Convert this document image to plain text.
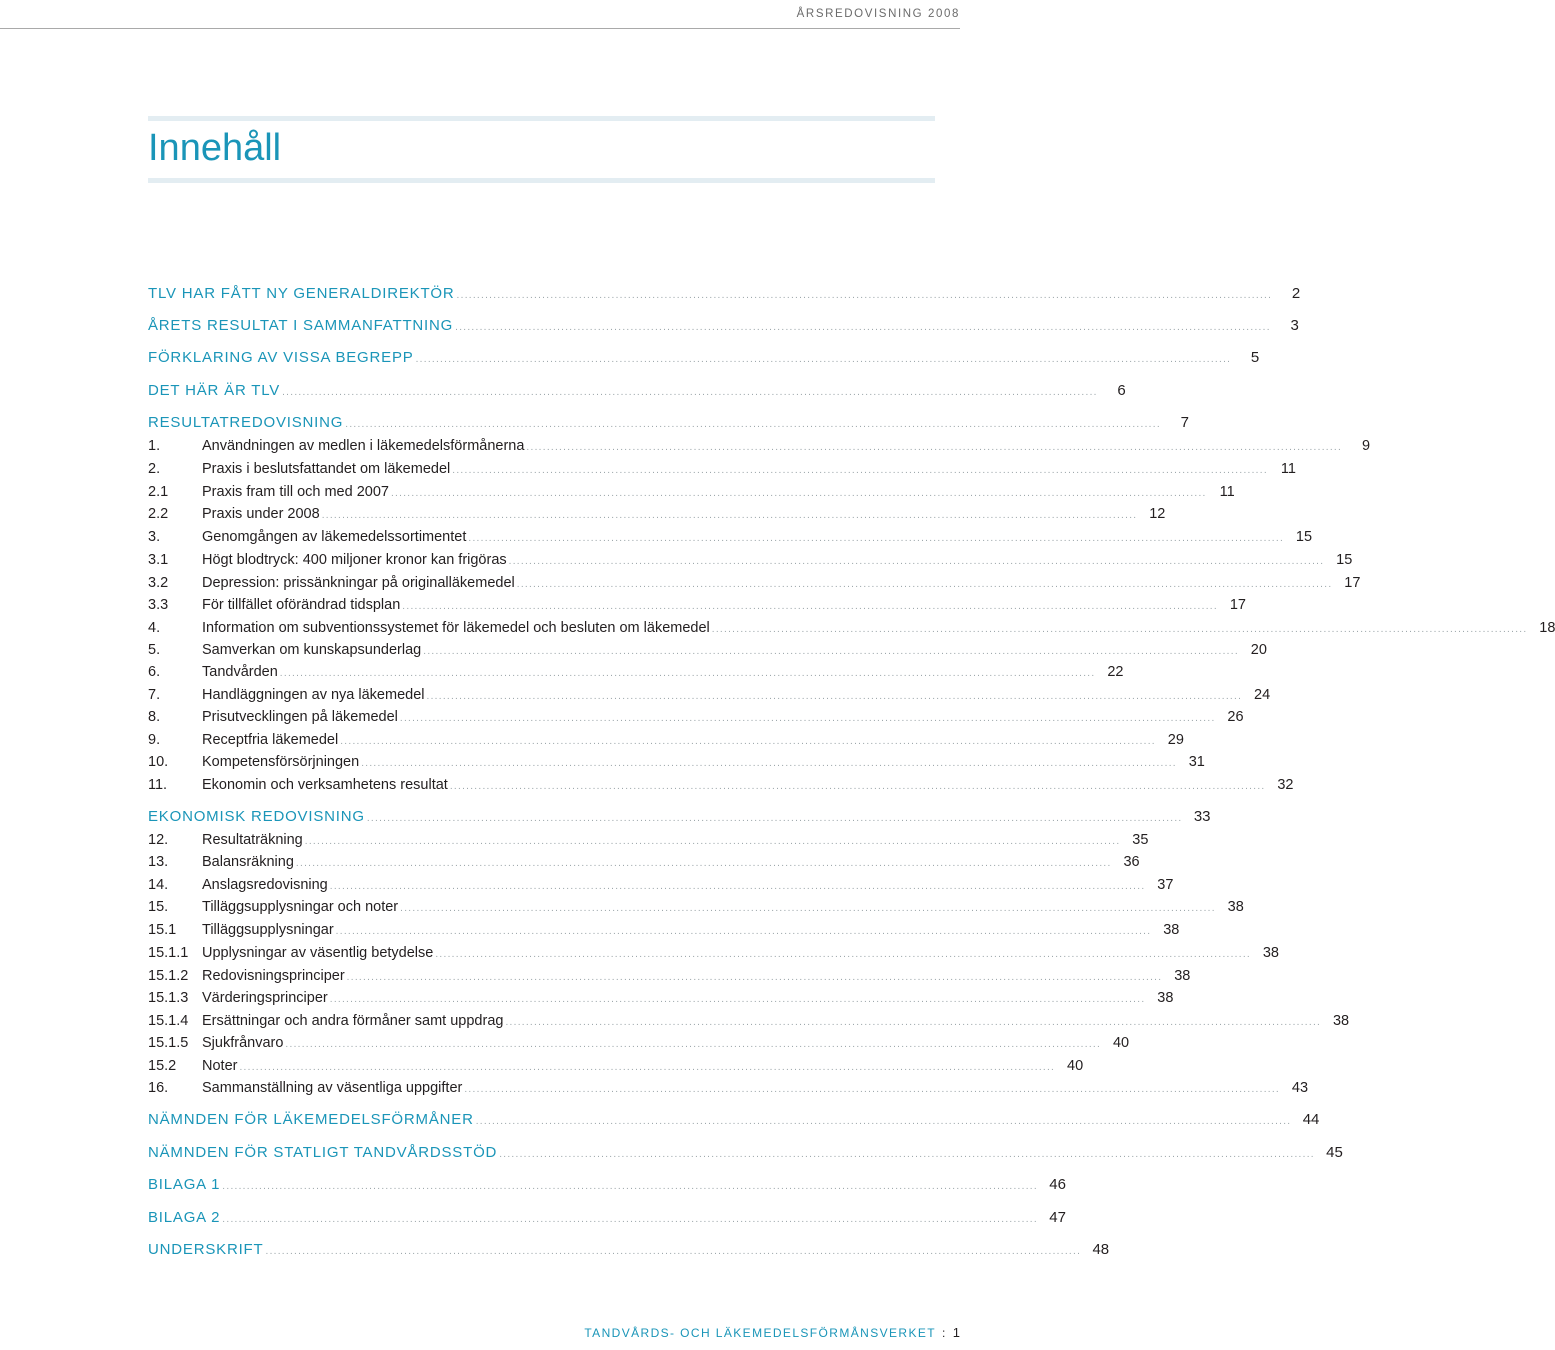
ÅRSREDOVISNING 2008
Innehåll
TLV HAR FÅTT NY GENERALDIREKTÖR ........................................................................................................................................................................................................	2
ÅRETS RESULTAT I SAMMANFATTNING ........................................................................................................................................................................................................	3
FÖRKLARING AV VISSA BEGREPP ........................................................................................................................................................................................................	5
DET HÄR ÄR TLV ........................................................................................................................................................................................................	6
RESULTATREDOVISNING ........................................................................................................................................................................................................	7
1.	Användningen av medlen i läkemedelsförmånerna ........................................................................................................................................................................................................	9
2.	Praxis i beslutsfattandet om läkemedel ........................................................................................................................................................................................................ 11
2.1	Praxis fram till och med 2007 ........................................................................................................................................................................................................ 11
2.2	Praxis under 2008 ........................................................................................................................................................................................................ 12
3.	Genomgången av läkemedelssortimentet ........................................................................................................................................................................................................ 15
3.1	Högt blodtryck: 400 miljoner kronor kan frigöras ........................................................................................................................................................................................................ 15
3.2	Depression: prissänkningar på originalläkemedel ........................................................................................................................................................................................................ 17
3.3	För tillfället oförändrad tidsplan ........................................................................................................................................................................................................ 17
4.	Information om subventionssystemet för läkemedel och besluten om läkemedel ........................................................................................................................................................................................................ 18
5.	Samverkan om kunskapsunderlag ........................................................................................................................................................................................................ 20
6.	Tandvården ........................................................................................................................................................................................................ 22
7.	Handläggningen av nya läkemedel ........................................................................................................................................................................................................ 24
8.	Prisutvecklingen på läkemedel ........................................................................................................................................................................................................ 26
9.	Receptfria läkemedel ........................................................................................................................................................................................................ 29
10.	Kompetensförsörjningen ........................................................................................................................................................................................................ 31
11.	Ekonomin och verksamhetens resultat ........................................................................................................................................................................................................ 32
EKONOMISK REDOVISNING ........................................................................................................................................................................................................ 33
12.	Resultaträkning ........................................................................................................................................................................................................ 35
13.	Balansräkning ........................................................................................................................................................................................................ 36
14.	Anslagsredovisning ........................................................................................................................................................................................................ 37
15.	Tilläggsupplysningar och noter ........................................................................................................................................................................................................ 38
15.1	Tilläggsupplysningar ........................................................................................................................................................................................................ 38
15.1.1 Upplysningar av väsentlig betydelse ........................................................................................................................................................................................................ 38
15.1.2 Redovisningsprinciper ........................................................................................................................................................................................................ 38
15.1.3 Värderingsprinciper ........................................................................................................................................................................................................ 38
15.1.4 Ersättningar och andra förmåner samt uppdrag ........................................................................................................................................................................................................ 38
15.1.5 Sjukfrånvaro ........................................................................................................................................................................................................ 40
15.2	Noter ........................................................................................................................................................................................................ 40
16.	Sammanställning av väsentliga uppgifter ........................................................................................................................................................................................................ 43
NÄMNDEN FÖR LÄKEMEDELSFÖRMÅNER ........................................................................................................................................................................................................ 44
NÄMNDEN FÖR STATLIGT TANDVÅRDSSTÖD ........................................................................................................................................................................................................ 45
BILAGA 1 ........................................................................................................................................................................................................ 46
BILAGA 2 ........................................................................................................................................................................................................ 47
UNDERSKRIFT ........................................................................................................................................................................................................ 48
TANDVÅRDS- OCH LÄKEMEDELSFÖRMÅNSVERKET : 1
